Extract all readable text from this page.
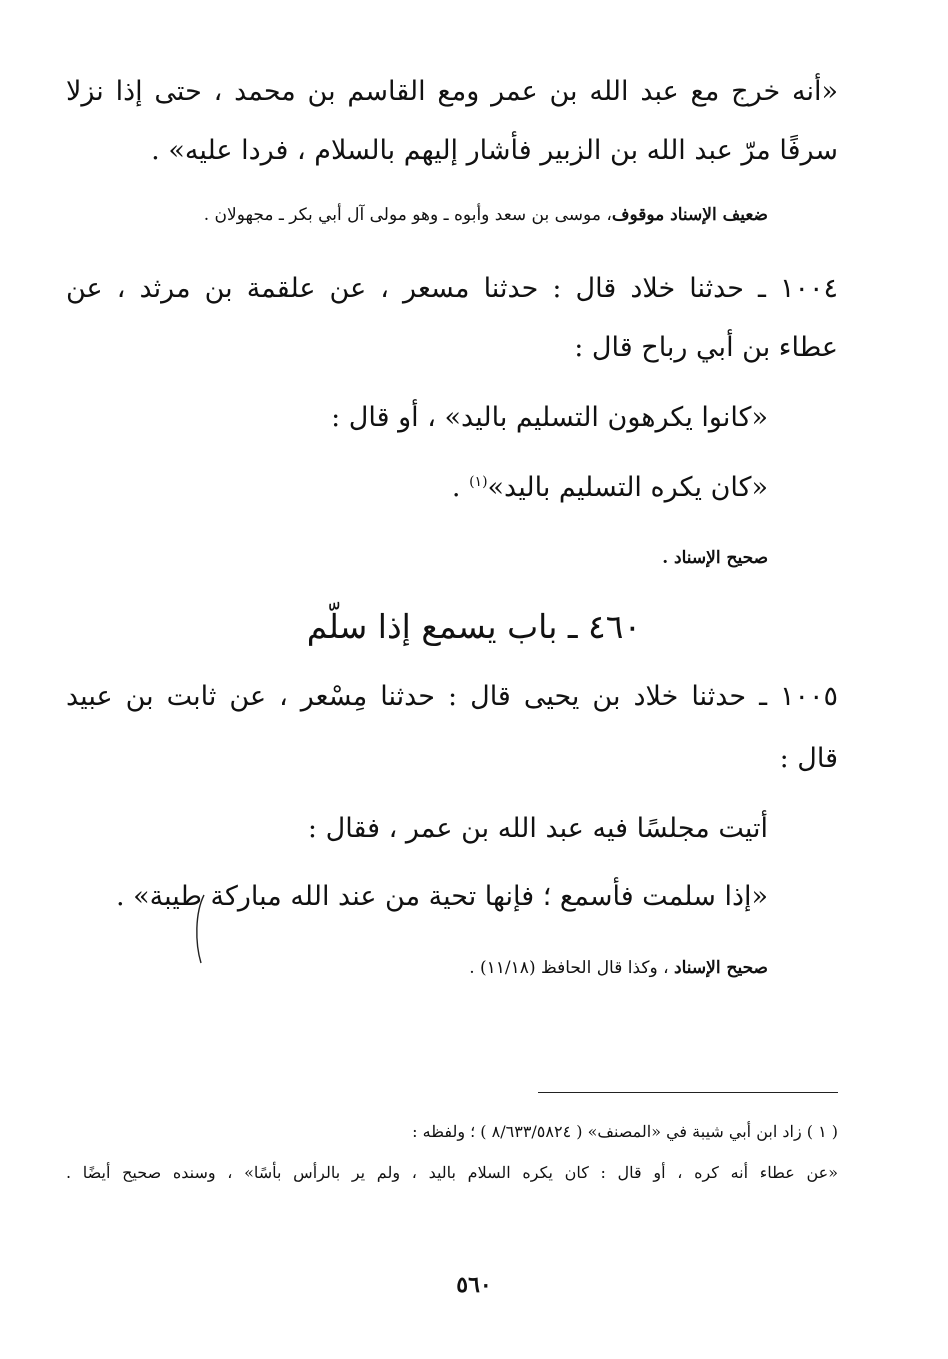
«أنه خرج مع عبد الله بن عمر ومع القاسم بن محمد ، حتى إذا نزلا
سرفًا مرّ عبد الله بن الزبير فأشار إليهم بالسلام ، فردا عليه» .
ضعيف الإسناد موقوف، موسى بن سعد وأبوه ـ وهو مولى آل أبي بكر ـ مجهولان .
١٠٠٤ ـ حدثنا خلاد قال : حدثنا مسعر ، عن علقمة بن مرثد ، عن
عطاء بن أبي رباح قال :
«كانوا يكرهون التسليم باليد» ، أو قال :
«كان يكره التسليم باليد»$^{(١)}$ .
صحيح الإسناد .
٤٦٠ ـ باب يسمع إذا سلّم
١٠٠٥ ـ حدثنا خلاد بن يحيى قال : حدثنا مِسْعر ، عن ثابت بن عبيد
قال :
أتيت مجلسًا فيه عبد الله بن عمر ، فقال :
«إذا سلمت فأسمع ؛ فإنها تحية من عند الله مباركة طيبة» .
صحيح الإسناد ، وكذا قال الحافظ (١١/١٨) .
( ١ ) زاد ابن أبي شيبة في «المصنف» ( ٨/٦٣٣/٥٨٢٤ ) ؛ ولفظه :
«عن عطاء أنه كره ، أو قال : كان يكره السلام باليد ، ولم ير بالرأس بأسًا» ، وسنده صحيح أيضًا .
٥٦٠
